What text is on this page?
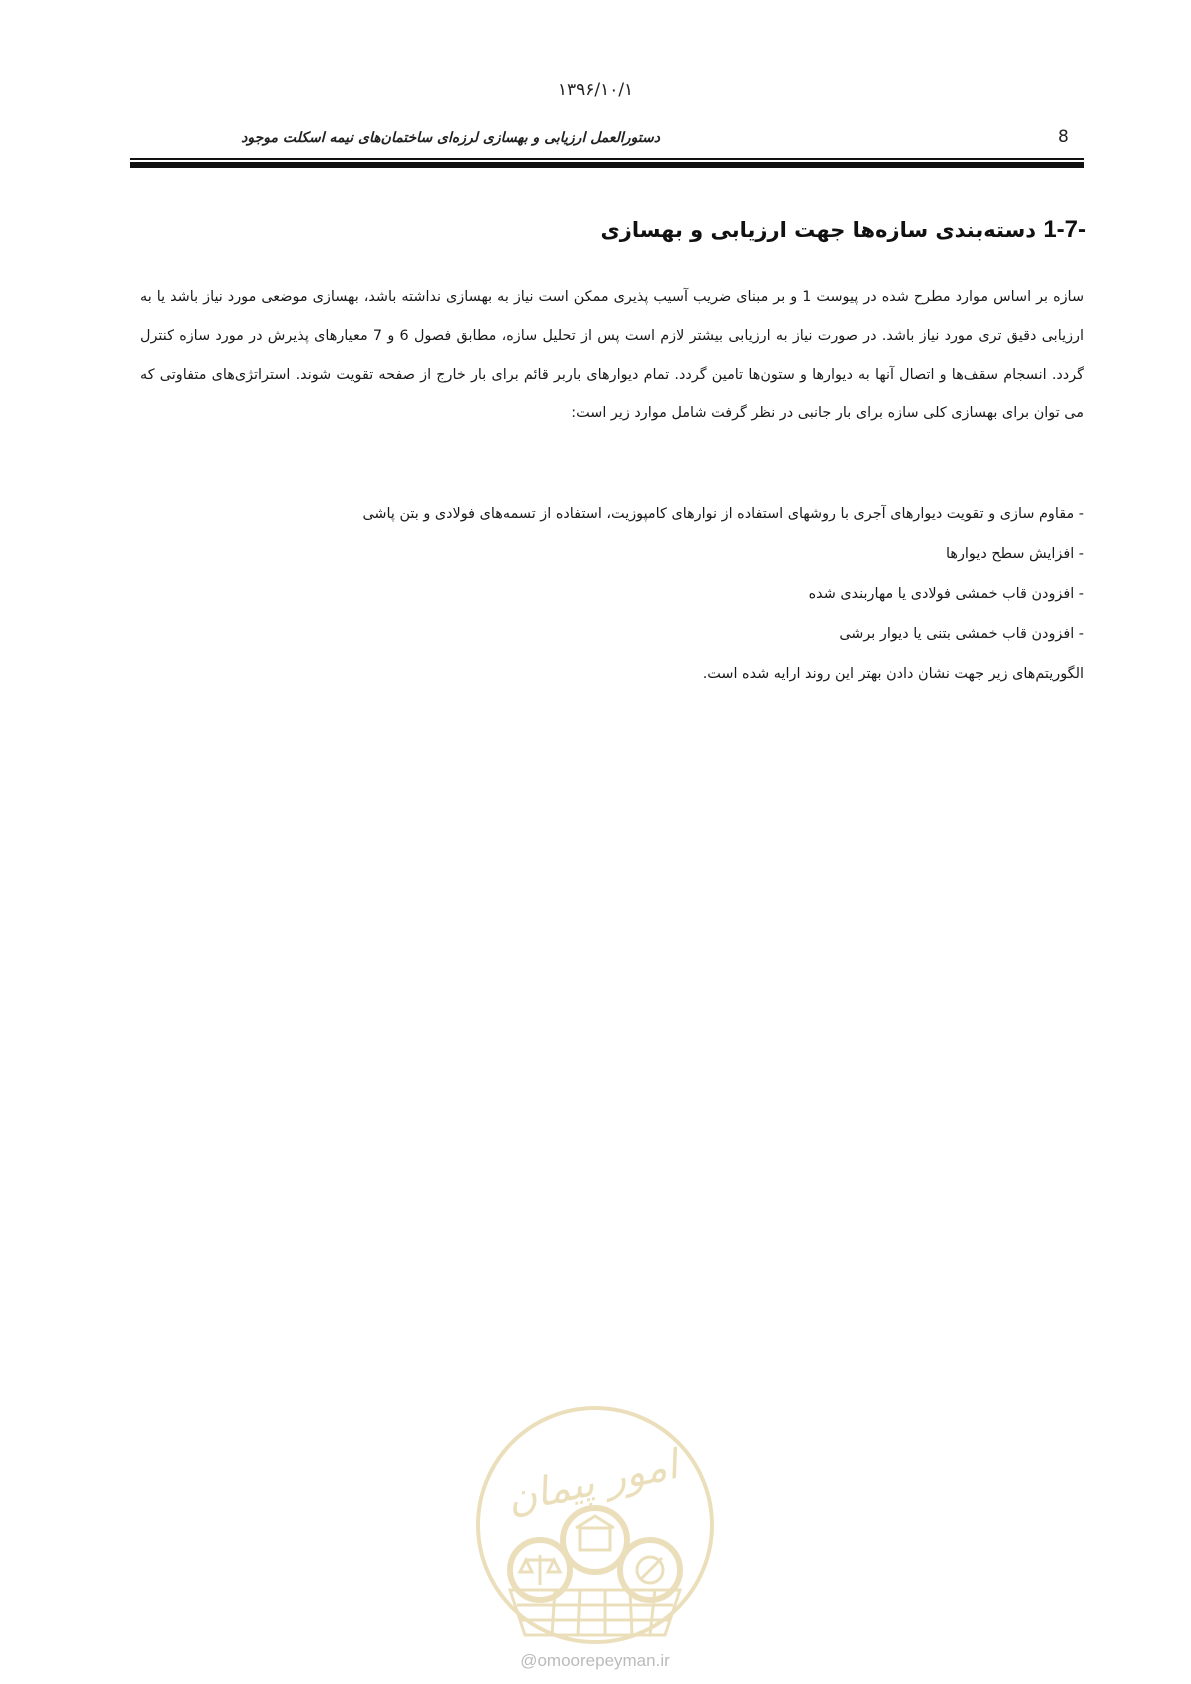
۱۳۹۶/۱۰/۱
8
دستورالعمل ارزیابی و بهسازی لرزه‌ای ساختمان‌های نیمه اسکلت موجود
1-7- دسته‌بندی سازه‌ها جهت ارزیابی و بهسازی
سازه بر اساس موارد مطرح شده در پیوست 1 و بر مبنای ضریب آسیب پذیری ممکن است نیاز به بهسازی نداشته باشد، بهسازی موضعی مورد نیاز باشد یا به ارزیابی دقیق تری مورد نیاز باشد. در صورت نیاز به ارزیابی بیشتر لازم است پس از تحلیل سازه، مطابق فصول 6 و 7 معیارهای پذیرش در مورد سازه کنترل گردد. انسجام سقف‌ها و اتصال آنها به دیوارها و ستون‌ها تامین گردد. تمام دیوارهای باربر قائم برای بار خارج از صفحه تقویت شوند. استراتژی‌های متفاوتی که می توان برای بهسازی کلی سازه برای بار جانبی در نظر گرفت شامل موارد زیر است:
- مقاوم سازی و تقویت دیوارهای آجری با روشهای استفاده از نوارهای کامپوزیت، استفاده از تسمه‌های فولادی و بتن پاشی
- افزایش سطح دیوارها
- افزودن قاب خمشی فولادی یا مهاربندی شده
- افزودن قاب خمشی بتنی یا دیوار برشی
الگوریتم‌های زیر جهت نشان دادن بهتر این روند ارایه شده است.
امور پیمان
@omoorepeyman.ir
